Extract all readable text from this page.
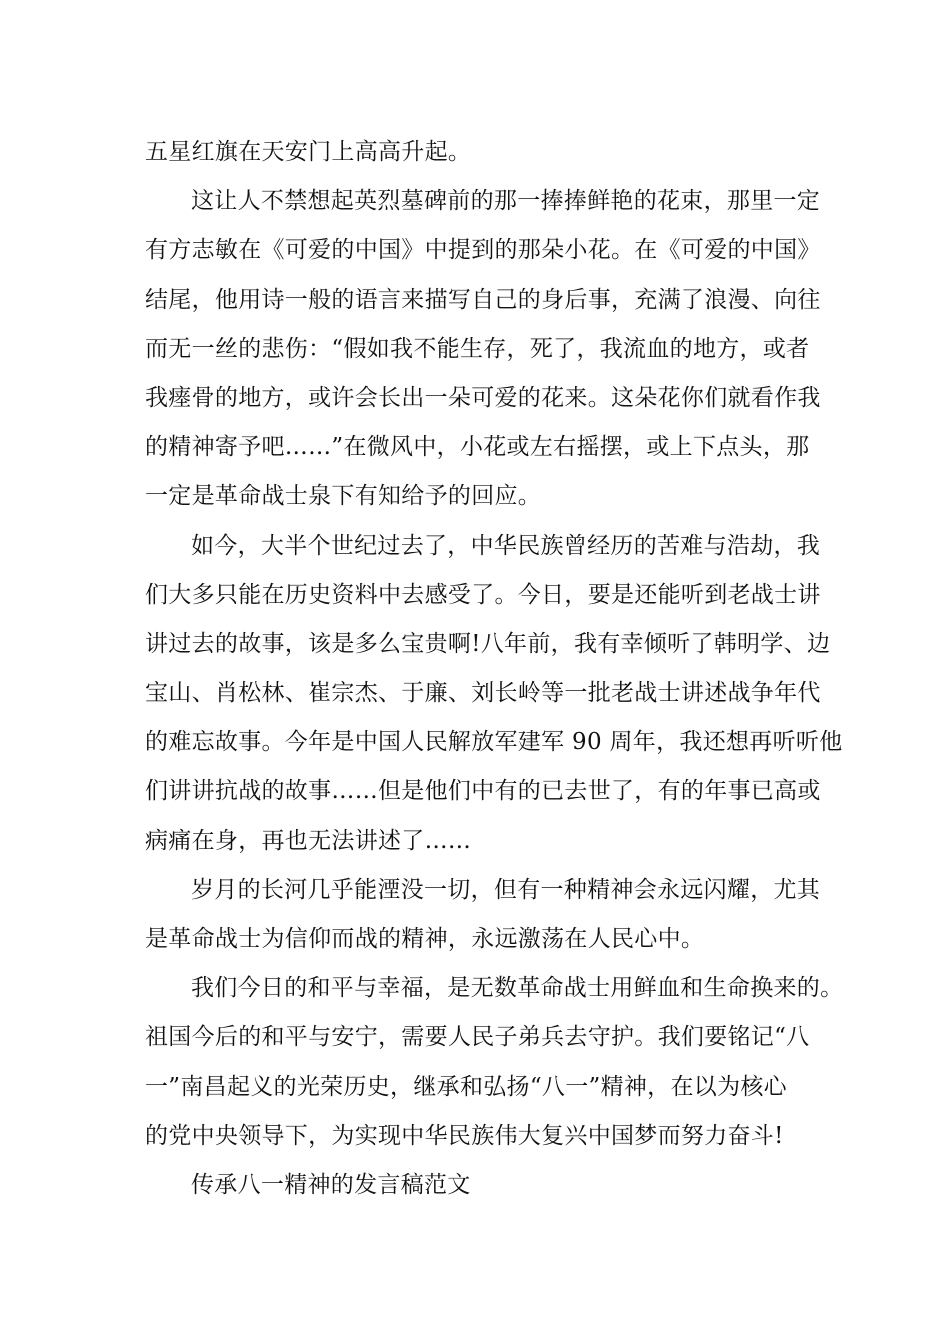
五星红旗在天安门上高高升起。
这让人不禁想起英烈墓碑前的那一捧捧鲜艳的花束，那里一定
有方志敏在《可爱的中国》中提到的那朵小花。在《可爱的中国》
结尾，他用诗一般的语言来描写自己的身后事，充满了浪漫、向往
而无一丝的悲伤：“假如我不能生存，死了，我流血的地方，或者
我瘗骨的地方，或许会长出一朵可爱的花来。这朵花你们就看作我
的精神寄予吧……”在微风中，小花或左右摇摆，或上下点头，那
一定是革命战士泉下有知给予的回应。
如今，大半个世纪过去了，中华民族曾经历的苦难与浩劫，我
们大多只能在历史资料中去感受了。今日，要是还能听到老战士讲
讲过去的故事，该是多么宝贵啊!八年前，我有幸倾听了韩明学、边
宝山、肖松林、崔宗杰、于廉、刘长岭等一批老战士讲述战争年代
的难忘故事。今年是中国人民解放军建军 90 周年，我还想再听听他
们讲讲抗战的故事……但是他们中有的已去世了，有的年事已高或
病痛在身，再也无法讲述了……
岁月的长河几乎能湮没一切，但有一种精神会永远闪耀，尤其
是革命战士为信仰而战的精神，永远激荡在人民心中。
我们今日的和平与幸福，是无数革命战士用鲜血和生命换来的。
祖国今后的和平与安宁，需要人民子弟兵去守护。我们要铭记“八
一”南昌起义的光荣历史，继承和弘扬“八一”精神，在以为核心
的党中央领导下，为实现中华民族伟大复兴中国梦而努力奋斗!
传承八一精神的发言稿范文
